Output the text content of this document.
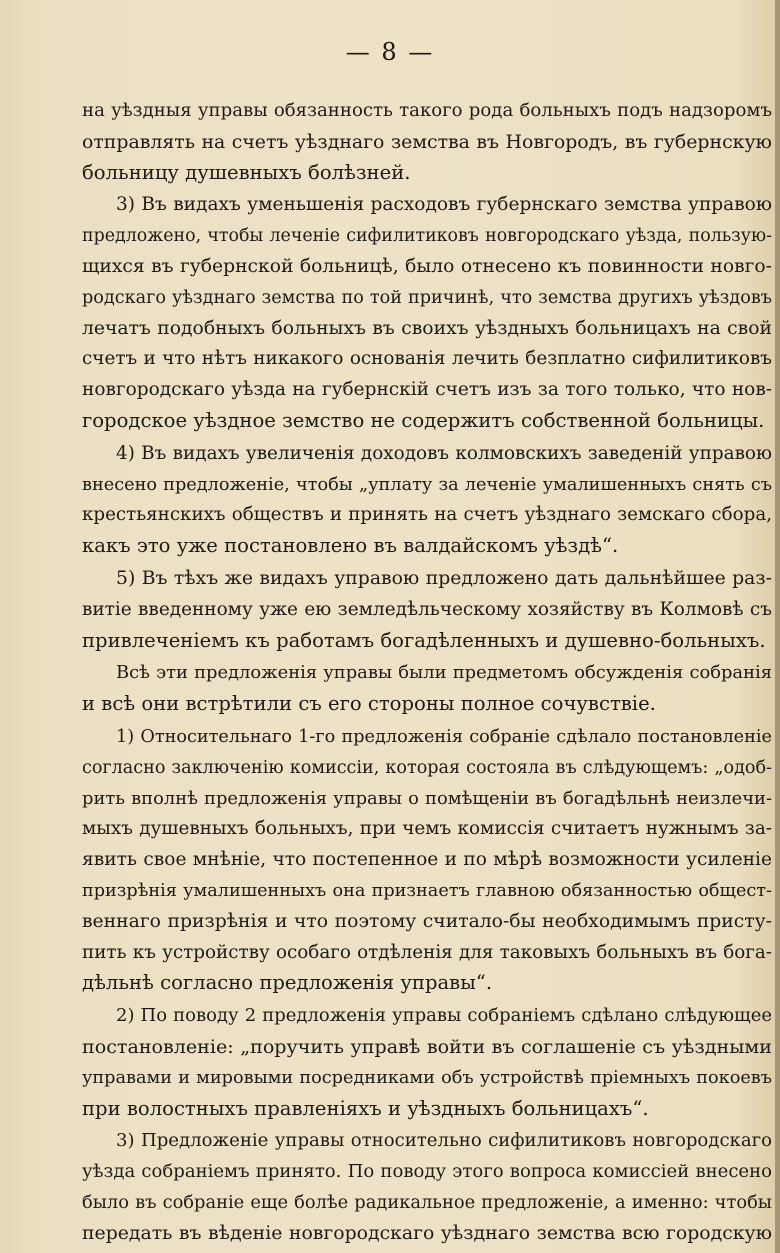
— 8 —

на уѣздныя управы обязанность такого рода больныхъ подъ надзоромъ
отправлять на счетъ уѣзднаго земства въ Новгородъ, въ губернскую
больницу душевныхъ болѣзней.

3) Въ видахъ уменьшенія расходовъ губернскаго земства управою
предложено, чтобы леченіе сифилитиковъ новгородскаго уѣзда, пользую-
щихся въ губернской больницѣ, было отнесено къ повинности новго-
родскаго уѣзднаго земства по той причинѣ, что земства другихъ уѣздовъ
лечатъ подобныхъ больныхъ въ своихъ уѣздныхъ больницахъ на свой
счетъ и что нѣтъ никакого основанія лечить безплатно сифилитиковъ
новгородскаго уѣзда на губернскій счетъ изъ за того только, что нов-
городское уѣздное земство не содержитъ собственной больницы.

4) Въ видахъ увеличенія доходовъ колмовскихъ заведеній управою
внесено предложеніе, чтобы „уплату за леченіе умалишенныхъ снять съ
крестьянскихъ обществъ и принять на счетъ уѣзднаго земскаго сбора,
какъ это уже постановлено въ валдайскомъ уѣздѣ“.

5) Въ тѣхъ же видахъ управою предложено дать дальнѣйшее раз-
витіе введенному уже ею земледѣльческому хозяйству въ Колмовѣ съ
привлеченіемъ къ работамъ богадѣленныхъ и душевно-больныхъ.

Всѣ эти предложенія управы были предметомъ обсужденія собранія
и всѣ они встрѣтили съ его стороны полное сочувствіе.

1) Относительнаго 1-го предложенія собраніе сдѣлало постановленіе
согласно заключенію комиссіи, которая состояла въ слѣдующемъ: „одоб-
рить вполнѣ предложенія управы о помѣщеніи въ богадѣльнѣ неизлечи-
мыхъ душевныхъ больныхъ, при чемъ комиссія считаетъ нужнымъ за-
явить свое мнѣніе, что постепенное и по мѣрѣ возможности усиленіе
призрѣнія умалишенныхъ она признаетъ главною обязанностью общест-
веннаго призрѣнія и что поэтому считало-бы необходимымъ присту-
пить къ устройству особаго отдѣленія для таковыхъ больныхъ въ бога-
дѣльнѣ согласно предложенія управы“.

2) По поводу 2 предложенія управы собраніемъ сдѣлано слѣдующее
постановленіе: „поручить управѣ войти въ соглашеніе съ уѣздными
управами и мировыми посредниками объ устройствѣ пріемныхъ покоевъ
при волостныхъ правленіяхъ и уѣздныхъ больницахъ“.

3) Предложеніе управы относительно сифилитиковъ новгородскаго
уѣзда собраніемъ принято. По поводу этого вопроса комиссіей внесено
было въ собраніе еще болѣе радикальное предложеніе, а именно: чтобы
передать въ вѣденіе новгородскаго уѣзднаго земства всю городскую
